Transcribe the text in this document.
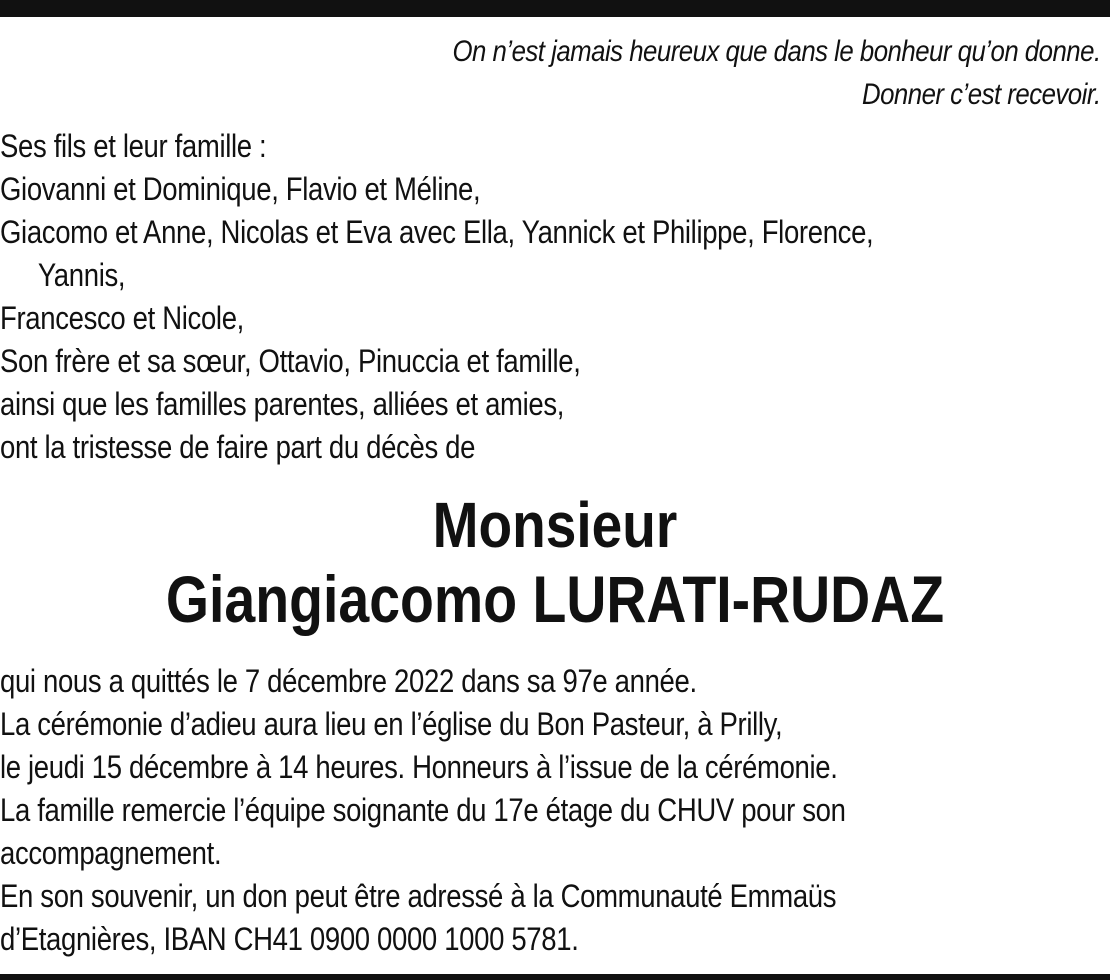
On n’est jamais heureux que dans le bonheur qu’on donne.
Donner c’est recevoir.
Ses fils et leur famille :
Giovanni et Dominique, Flavio et Méline,
Giacomo et Anne, Nicolas et Eva avec Ella, Yannick et Philippe, Florence,
Yannis,
Francesco et Nicole,
Son frère et sa sœur, Ottavio, Pinuccia et famille,
ainsi que les familles parentes, alliées et amies,
ont la tristesse de faire part du décès de
Monsieur
Giangiacomo LURATI-RUDAZ
qui nous a quittés le 7 décembre 2022 dans sa 97e année.
La cérémonie d’adieu aura lieu en l’église du Bon Pasteur, à Prilly,
le jeudi 15 décembre à 14 heures. Honneurs à l’issue de la cérémonie.
La famille remercie l’équipe soignante du 17e étage du CHUV pour son
accompagnement.
En son souvenir, un don peut être adressé à la Communauté Emmaüs
d’Etagnières, IBAN CH41 0900 0000 1000 5781.
